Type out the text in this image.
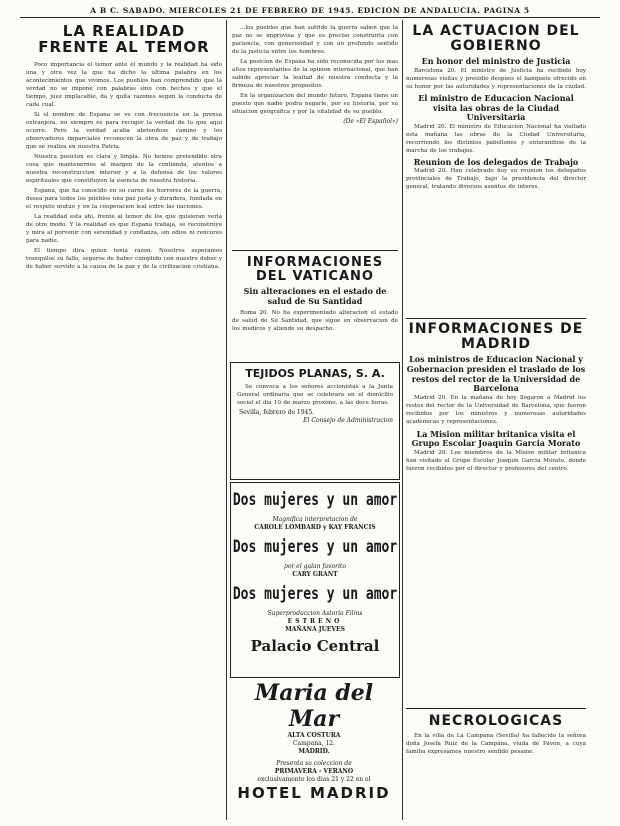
A B C. SABADO. MIERCOLES 21 DE FEBRERO DE 1945. EDICION DE ANDALUCIA. PAGINA 5
LA REALIDAD FRENTE AL TEMOR

Poco importancia el temor ante el mundo y la realidad ha sido una y otra vez la que ha dicho la ultima palabra en los acontecimientos que vivimos. Los pueblos han comprendido que la verdad no se impone con palabras sino con hechos y que el tiempo, juez implacable, da y quita razones segun la conducta de cada cual.

Si el nombre de Espana se ve con frecuencia en la prensa extranjera, no siempre es para recoger la verdad de lo que aqui ocurre. Pero la verdad acaba abriendose camino y los observadores imparciales reconocen la obra de paz y de trabajo que se realiza en nuestra Patria.

Nuestra posicion es clara y limpia. No hemos pretendido otra cosa que mantenernos al margen de la contienda, atentos a nuestra reconstruccion interior y a la defensa de los valores espirituales que constituyen la esencia de nuestra historia.

Espana, que ha conocido en su carne los horrores de la guerra, desea para todos los pueblos una paz justa y duradera, fundada en el respeto mutuo y en la cooperacion leal entre las naciones.

La realidad esta ahi, frente al temor de los que quisieran verla de otro modo. Y la realidad es que Espana trabaja, se reconstruye y mira al porvenir con serenidad y confianza, sin odios ni rencores para nadie.

El tiempo dira quien tenia razon. Nosotros esperamos tranquilos su fallo, seguros de haber cumplido con nuestro deber y de haber servido a la causa de la paz y de la civilizacion cristiana.

...los pueblos que han sufrido la guerra saben que la paz no se improvisa y que es preciso construirla con paciencia, con generosidad y con un profundo sentido de la justicia entre los hombres.

La posicion de Espana ha sido reconocida por los mas altos representantes de la opinion internacional, que han sabido apreciar la lealtad de nuestra conducta y la firmeza de nuestros propositos.

En la organizacion del mundo futuro, Espana tiene un puesto que nadie podra negarle, por su historia, por su situacion geografica y por la vitalidad de su pueblo.

(De «El Español»)
INFORMACIONES DEL VATICANO
Sin alteraciones en el estado de salud de Su Santidad

Roma 20. No ha experimentado alteracion el estado de salud de Su Santidad, que sigue en observacion de los medicos y atiende su despacho.

TEJIDOS PLANAS, S. A.

Se convoca a los señores accionistas a la Junta General ordinaria que se celebrara en el domicilio social el dia 10 de marzo proximo, a las doce horas.

Sevilla, febrero de 1945.
El Consejo de Administracion
Dos mujeres y un amor
Magnifica interpretacion de
CAROLE LOMBARD y KAY FRANCIS
Dos mujeres y un amor
por el galan favorito
CARY GRANT
Dos mujeres y un amor
Superproduccion Astoria Films
ESTRENO
MAÑANA JUEVES
Palacio Central
Maria del Mar
ALTA COSTURA
Campana, 12.
MADRID.
Presenta su coleccion de
PRIMAVERA - VERANO
exclusivamente los dias 21 y 22 en el
HOTEL MADRID
LA ACTUACION DEL GOBIERNO
En honor del ministro de Justicia

Barcelona 20. El ministro de Justicia ha recibido hoy numerosas visitas y presidio despues el banquete ofrecido en su honor por las autoridades y representaciones de la ciudad.

El ministro de Educacion Nacional visita las obras de la Ciudad Universitaria

Madrid 20. El ministro de Educacion Nacional ha visitado esta mañana las obras de la Ciudad Universitaria, recorriendo los distintos pabellones y enterandose de la marcha de los trabajos.

Reunion de los delegados de Trabajo

Madrid 20. Han celebrado hoy su reunion los delegados provinciales de Trabajo, bajo la presidencia del director general, tratando diversos asuntos de interes.

INFORMACIONES DE MADRID
Los ministros de Educacion Nacional y Gobernacion presiden el traslado de los restos del rector de la Universidad de Barcelona

Madrid 20. En la mañana de hoy llegaron a Madrid los restos del rector de la Universidad de Barcelona, que fueron recibidos por los ministros y numerosas autoridades academicas y representaciones.

La Mision militar britanica visita el Grupo Escolar Joaquin Garcia Morato

Madrid 20. Los miembros de la Mision militar britanica han visitado el Grupo Escolar Joaquin Garcia Morato, donde fueron recibidos por el director y profesores del centro.

NECROLOGICAS

En la villa de La Campana (Sevilla) ha fallecido la señora doña Josefa Ruiz de la Campana, viuda de Pavon, a cuya familia expresamos nuestro sentido pesame.
